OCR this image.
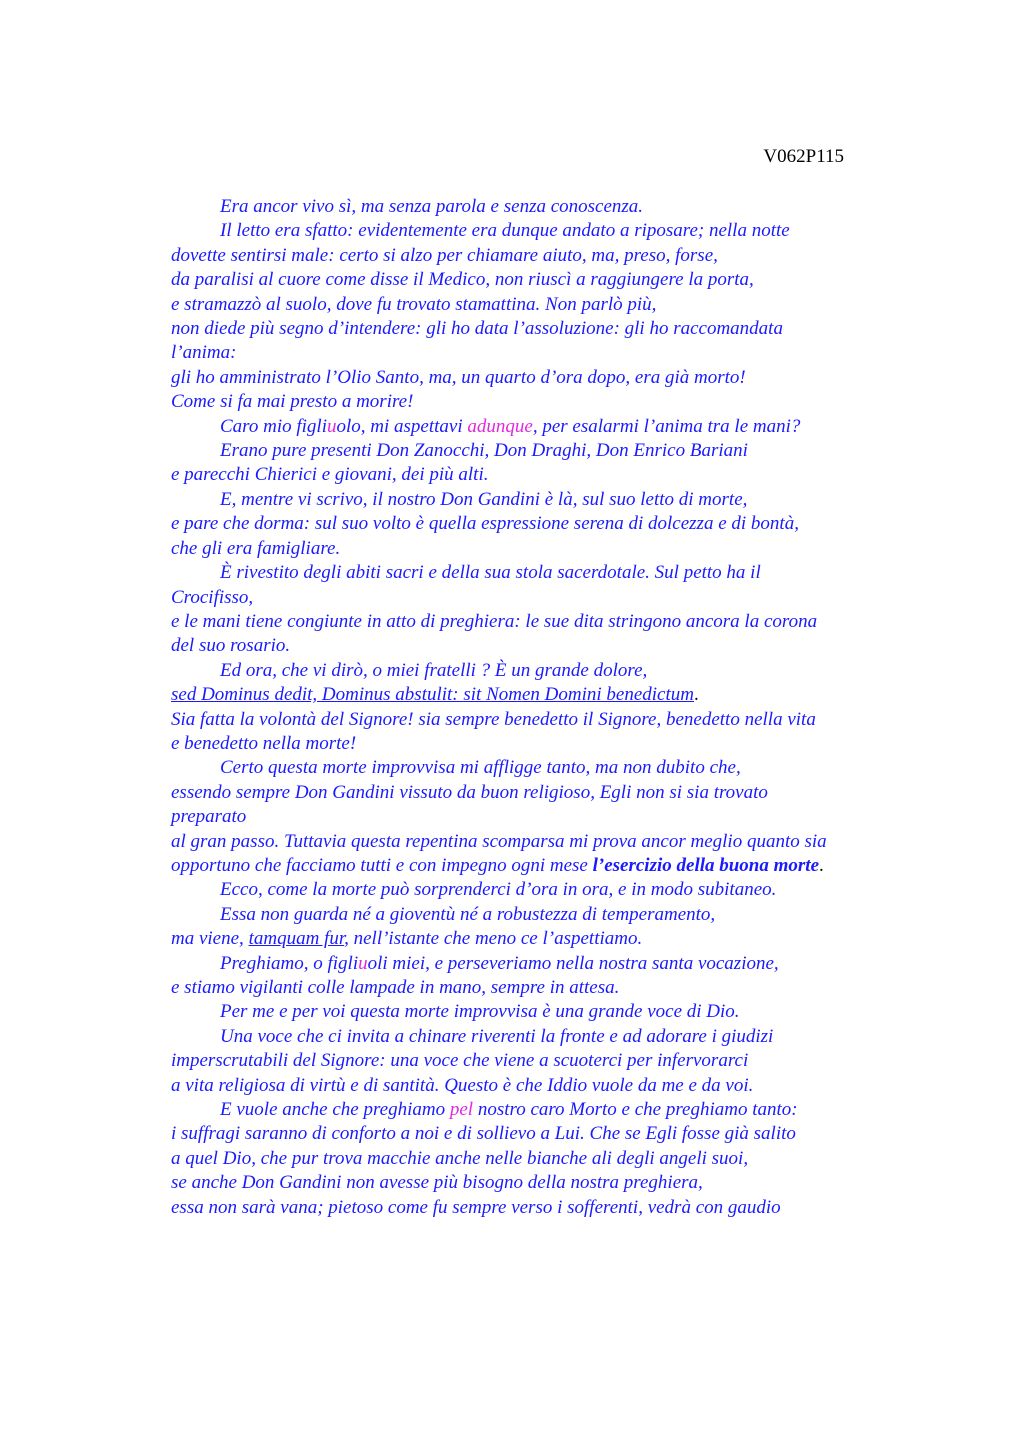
V062P115
Era ancor vivo sì, ma senza parola e senza conoscenza.
Il letto era sfatto: evidentemente era dunque andato a riposare; nella notte
dovette sentirsi male: certo si alzo per chiamare aiuto, ma, preso, forse,
da paralisi al cuore come disse il Medico, non riuscì a raggiungere la porta,
e stramazzò al suolo, dove fu trovato stamattina. Non parlò più,
non diede più segno d’intendere: gli ho data l’assoluzione: gli ho raccomandata
l’anima:
gli ho amministrato l’Olio Santo, ma, un quarto d’ora dopo, era già morto!
Come si fa mai presto a morire!
Caro mio figliuolo, mi aspettavi adunque, per esalarmi l’anima tra le mani?
Erano pure presenti Don Zanocchi, Don Draghi, Don Enrico Bariani
e parecchi Chierici e giovani, dei più alti.
E, mentre vi scrivo, il nostro Don Gandini è là, sul suo letto di morte,
e pare che dorma: sul suo volto è quella espressione serena di dolcezza e di bontà,
che gli era famigliare.
È rivestito degli abiti sacri e della sua stola sacerdotale. Sul petto ha il
Crocifisso,
e le mani tiene congiunte in atto di preghiera: le sue dita stringono ancora la corona
del suo rosario.
Ed ora, che vi dirò, o miei fratelli ? È un grande dolore,
sed Dominus dedit, Dominus abstulit: sit Nomen Domini benedictum.
Sia fatta la volontà del Signore! sia sempre benedetto il Signore, benedetto nella vita
e benedetto nella morte!
Certo questa morte improvvisa mi affligge tanto, ma non dubito che,
essendo sempre Don Gandini vissuto da buon religioso, Egli non si sia trovato
preparato
al gran passo. Tuttavia questa repentina scomparsa mi prova ancor meglio quanto sia
opportuno che facciamo tutti e con impegno ogni mese l’esercizio della buona morte.
Ecco, come la morte può sorprenderci d’ora in ora, e in modo subitaneo.
Essa non guarda né a gioventù né a robustezza di temperamento,
ma viene, tamquam fur, nell’istante che meno ce l’aspettiamo.
Preghiamo, o figliuoli miei, e perseveriamo nella nostra santa vocazione,
e stiamo vigilanti colle lampade in mano, sempre in attesa.
Per me e per voi questa morte improvvisa è una grande voce di Dio.
Una voce che ci invita a chinare riverenti la fronte e ad adorare i giudizi
imperscrutabili del Signore: una voce che viene a scuoterci per infervorarci
a vita religiosa di virtù e di santità. Questo è che Iddio vuole da me e da voi.
E vuole anche che preghiamo pel nostro caro Morto e che preghiamo tanto:
i suffragi saranno di conforto a noi e di sollievo a Lui. Che se Egli fosse già salito
a quel Dio, che pur trova macchie anche nelle bianche ali degli angeli suoi,
se anche Don Gandini non avesse più bisogno della nostra preghiera,
essa non sarà vana; pietoso come fu sempre verso i sofferenti, vedrà con gaudio
